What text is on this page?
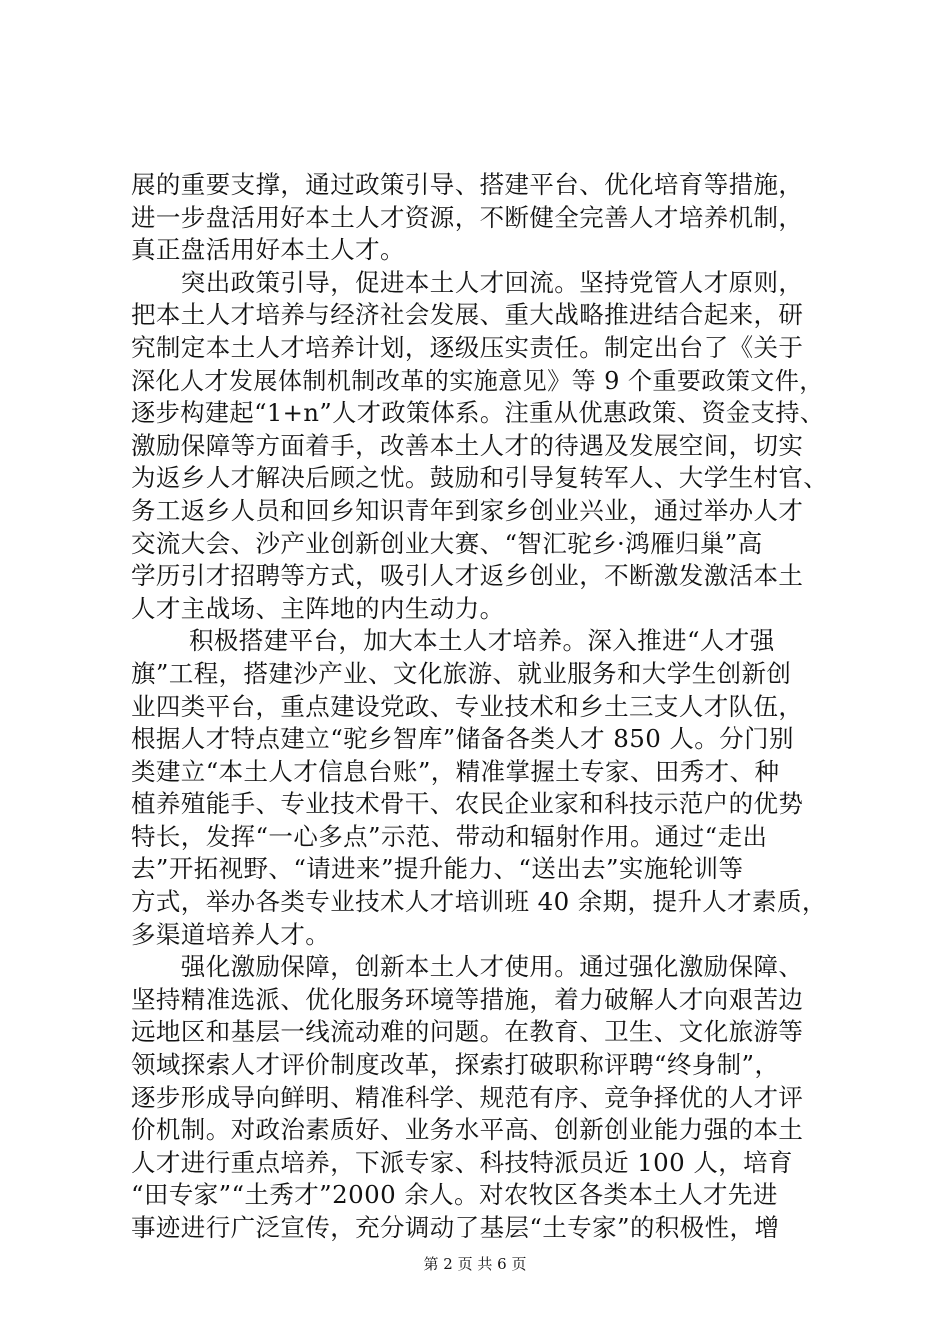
展的重要支撑，通过政策引导、搭建平台、优化培育等措施，
进一步盘活用好本土人才资源，不断健全完善人才培养机制，
真正盘活用好本土人才。
　　突出政策引导，促进本土人才回流。坚持党管人才原则，
把本土人才培养与经济社会发展、重大战略推进结合起来，研
究制定本土人才培养计划，逐级压实责任。制定出台了《关于
深化人才发展体制机制改革的实施意见》等 9 个重要政策文件，
逐步构建起“1+n”人才政策体系。注重从优惠政策、资金支持、
激励保障等方面着手，改善本土人才的待遇及发展空间，切实
为返乡人才解决后顾之忧。鼓励和引导复转军人、大学生村官、
务工返乡人员和回乡知识青年到家乡创业兴业，通过举办人才
交流大会、沙产业创新创业大赛、“智汇驼乡·鸿雁归巢”高
学历引才招聘等方式，吸引人才返乡创业，不断激发激活本土
人才主战场、主阵地的内生动力。
　　 积极搭建平台，加大本土人才培养。深入推进“人才强
旗”工程，搭建沙产业、文化旅游、就业服务和大学生创新创
业四类平台，重点建设党政、专业技术和乡土三支人才队伍，
根据人才特点建立“驼乡智库”储备各类人才 850 人。分门别
类建立“本土人才信息台账”，精准掌握土专家、田秀才、种
植养殖能手、专业技术骨干、农民企业家和科技示范户的优势
特长，发挥“一心多点”示范、带动和辐射作用。通过“走出
去”开拓视野、“请进来”提升能力、“送出去”实施轮训等
方式，举办各类专业技术人才培训班 40 余期，提升人才素质，
多渠道培养人才。
　　强化激励保障，创新本土人才使用。通过强化激励保障、
坚持精准选派、优化服务环境等措施，着力破解人才向艰苦边
远地区和基层一线流动难的问题。在教育、卫生、文化旅游等
领域探索人才评价制度改革，探索打破职称评聘“终身制”，
逐步形成导向鲜明、精准科学、规范有序、竞争择优的人才评
价机制。对政治素质好、业务水平高、创新创业能力强的本土
人才进行重点培养，下派专家、科技特派员近 100 人，培育
“田专家”“土秀才”2000 余人。对农牧区各类本土人才先进
事迹进行广泛宣传，充分调动了基层“土专家”的积极性，增
第 2 页 共 6 页
